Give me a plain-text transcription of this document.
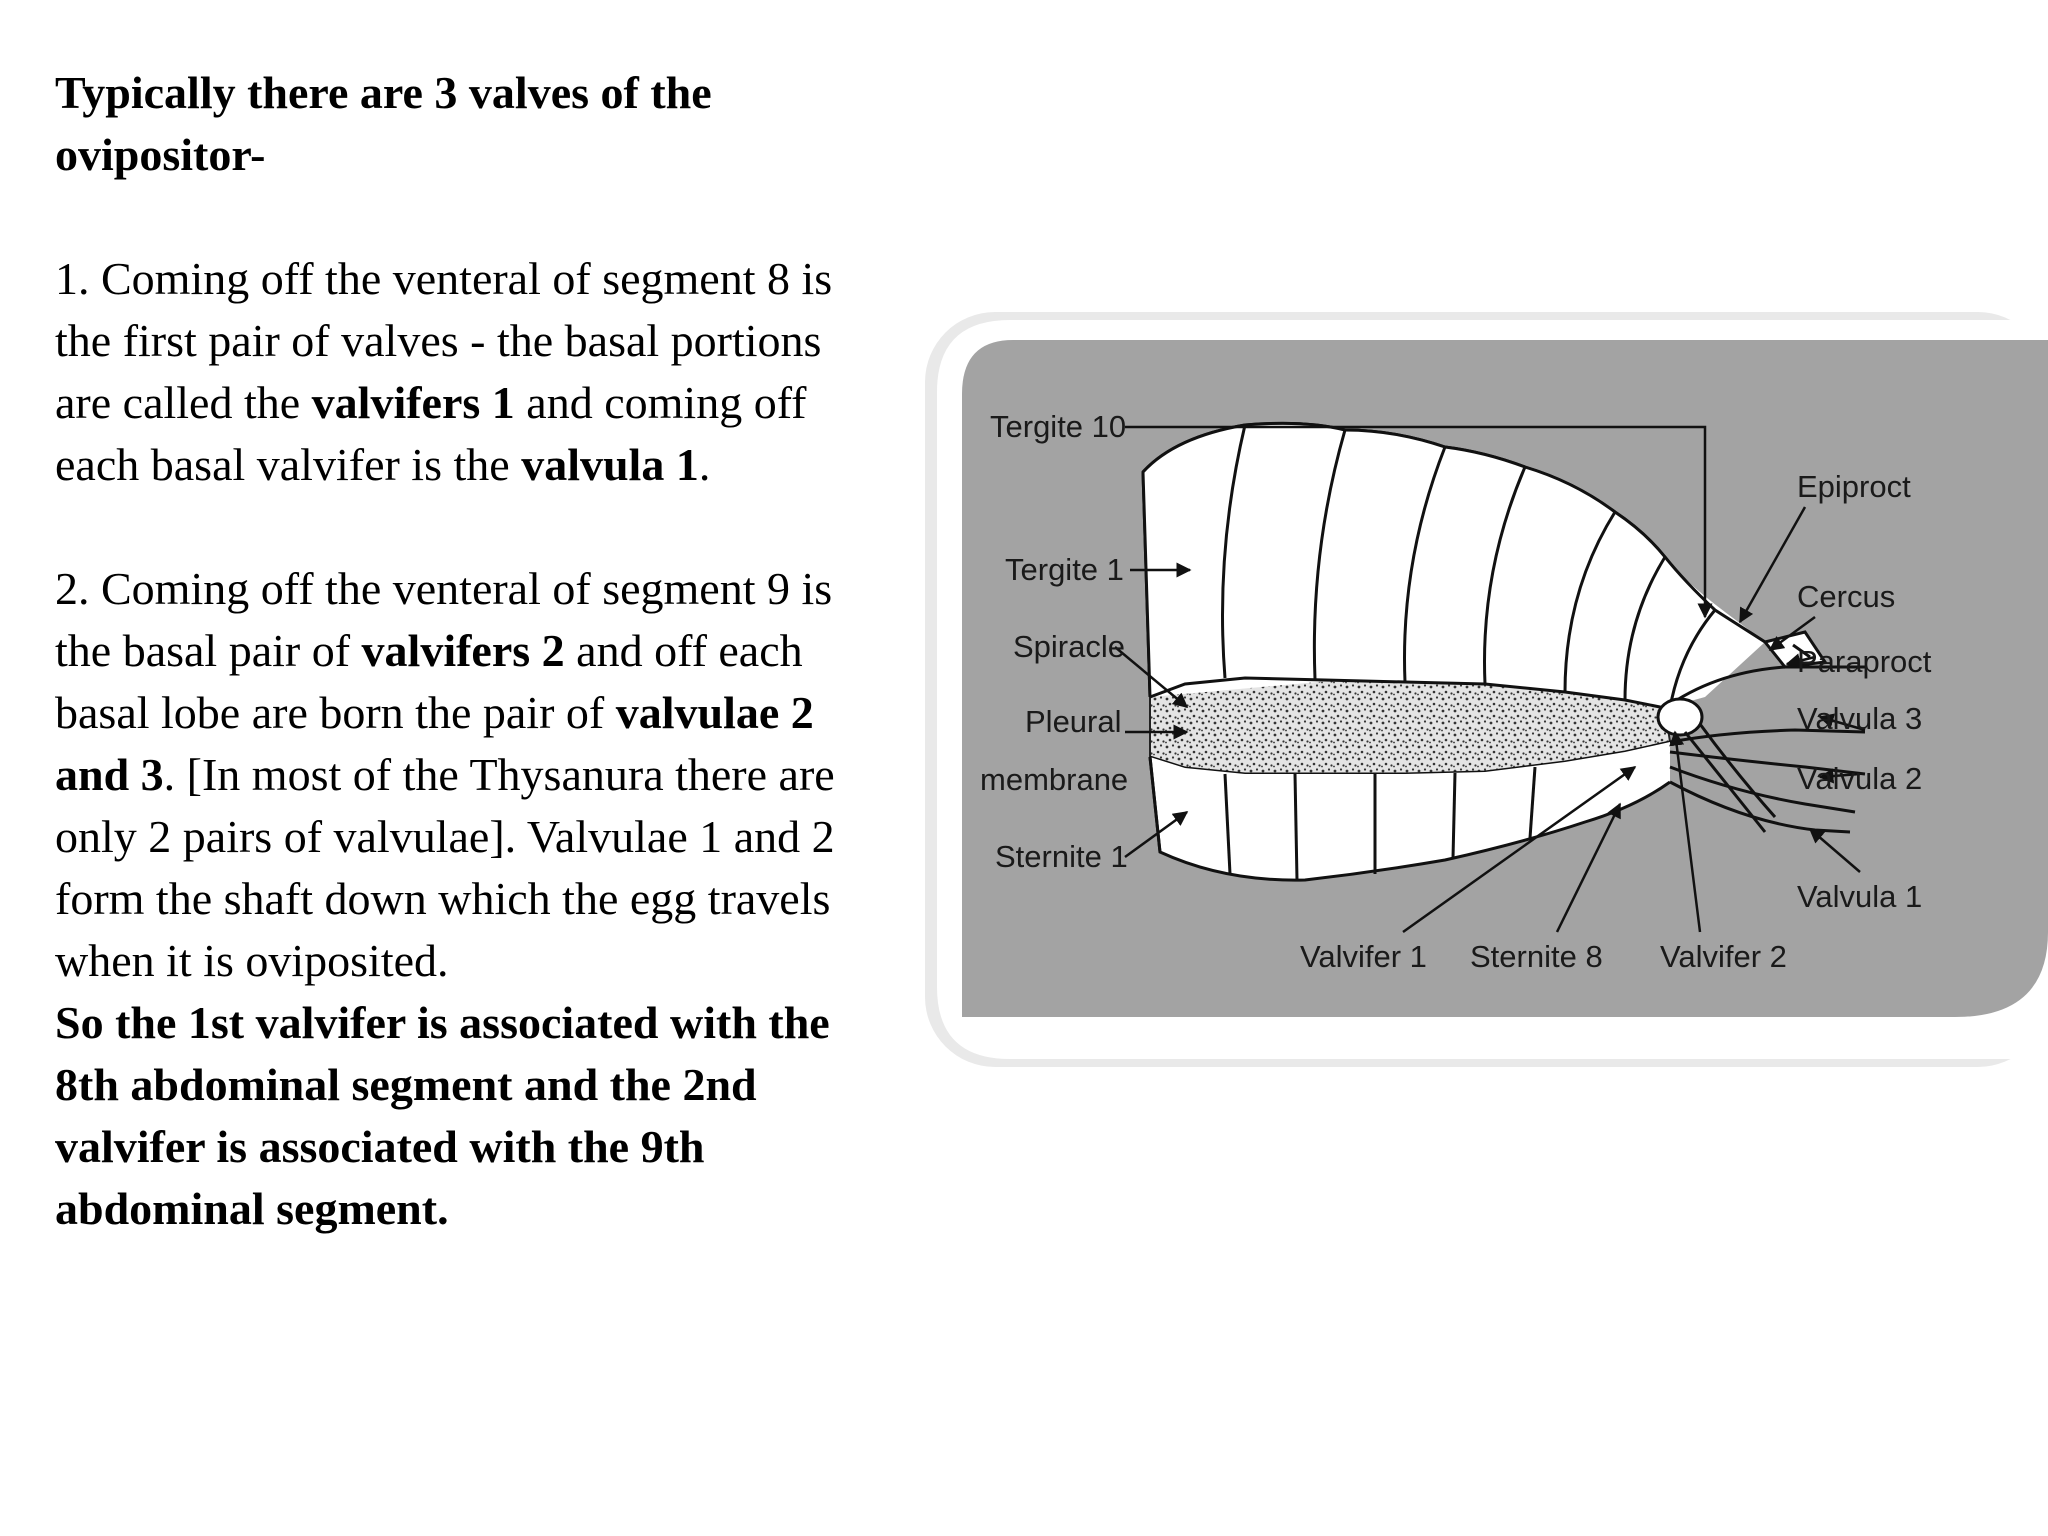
Typically there are 3 valves of the ovipositor-

1. Coming off the venteral of segment 8 is the first pair of valves - the basal portions are called the valvifers 1 and coming off each basal valvifer is the valvula 1.

2. Coming off the venteral of segment 9 is the basal pair of valvifers 2 and off each basal lobe are born the pair of valvulae 2 and 3. [In most of the Thysanura there are only 2 pairs of valvulae]. Valvulae 1 and 2 form the shaft down which the egg travels when it is oviposited.

So the 1st valvifer is associated with the 8th abdominal segment and the 2nd valvifer is associated with the 9th abdominal segment.

Tergite 10
Tergite 1
Spiracle
Pleural
membrane
Sternite 1
Epiproct
Cercus
Paraproct
Valvula 3
Valvula 2
Valvula 1
Valvifer 1 Sternite 8 Valvifer 2
